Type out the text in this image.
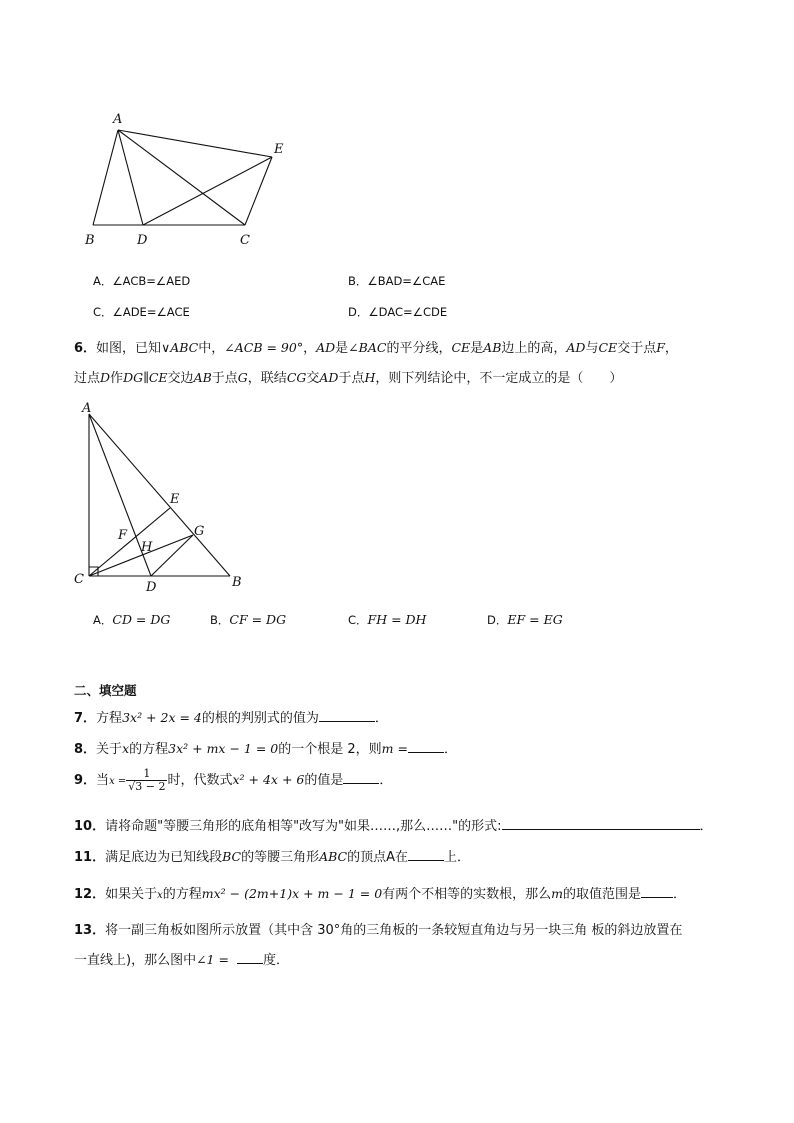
A
B	D	C
E
A．∠ACB=∠AED	B．∠BAD=∠CAE
C．∠ADE=∠ACE	D．∠DAC=∠CDE
6．如图，已知∨ABC中，∠ACB = 90°，AD是∠BAC的平分线，CE是AB边上的高，AD与CE交于点F，
过点D作DG∥CE交边AB于点G，联结CG交AD于点H，则下列结论中，不一定成立的是（　　）
A
E
F	G
H
C
D	B
A．CD = DG	B．CF = DG	C．FH = DH	D．EF = EG
二、填空题
7．方程3x² + 2x = 4的根的判别式的值为	．
8．关于x的方程3x² + mx − 1 = 0的一个根是 2，则m =	．
9．当$x = \frac{1}{√3 - 2}$ 时，代数式x² + 4x + 6的值是	．
10．请将命题"等腰三角形的底角相等"改写为"如果……,那么……"的形式:	．
11．满足底边为已知线段BC的等腰三角形ABC的顶点A在	上．
12．如果关于x的方程mx² − (2m+1)x + m − 1 = 0有两个不相等的实数根，那么m的取值范围是 ．
13．将一副三角板如图所示放置（其中含 30°角的三角板的一条较短直角边与另一块三角 板的斜边放置在
一直线上)，那么图中∠1 =	度．
